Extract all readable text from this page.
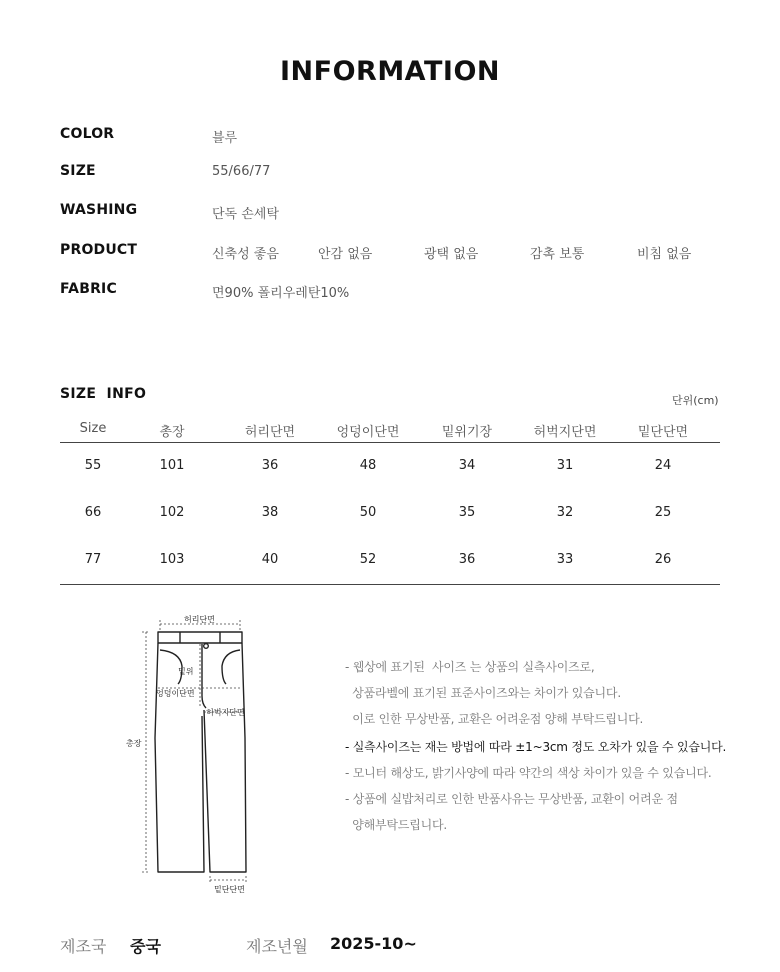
INFORMATION
COLOR	블루
SIZE	55/66/77
WASHING	단독 손세탁
PRODUCT	신축성 좋음	안감 없음	광택 없음	감촉 보통	비침 없음
FABRIC	면90% 폴리우레탄10%
SIZE  INFO	단위(cm)
Size	총장	허리단면	엉덩이단면	밑위기장	허벅지단면	밑단단면
55	101	36	48	34	31	24
66	102	38	50	35	32	25
77	103	40	52	36	33	26
허리단면
밑위
엉덩이단면
허벅지단면
총장
밑단단면
- 웹상에 표기된  사이즈 는 상품의 실측사이즈로,
상품라벨에 표기된 표준사이즈와는 차이가 있습니다.
이로 인한 무상반품, 교환은 어려운점 양해 부탁드립니다.
- 실측사이즈는 재는 방법에 따라 ±1~3cm 정도 오차가 있을 수 있습니다.
- 모니터 해상도, 밝기사양에 따라 약간의 색상 차이가 있을 수 있습니다.
- 상품에 실밥처리로 인한 반품사유는 무상반품, 교환이 어려운 점
양해부탁드립니다.
제조국 중국	제조년월 2025-10~
